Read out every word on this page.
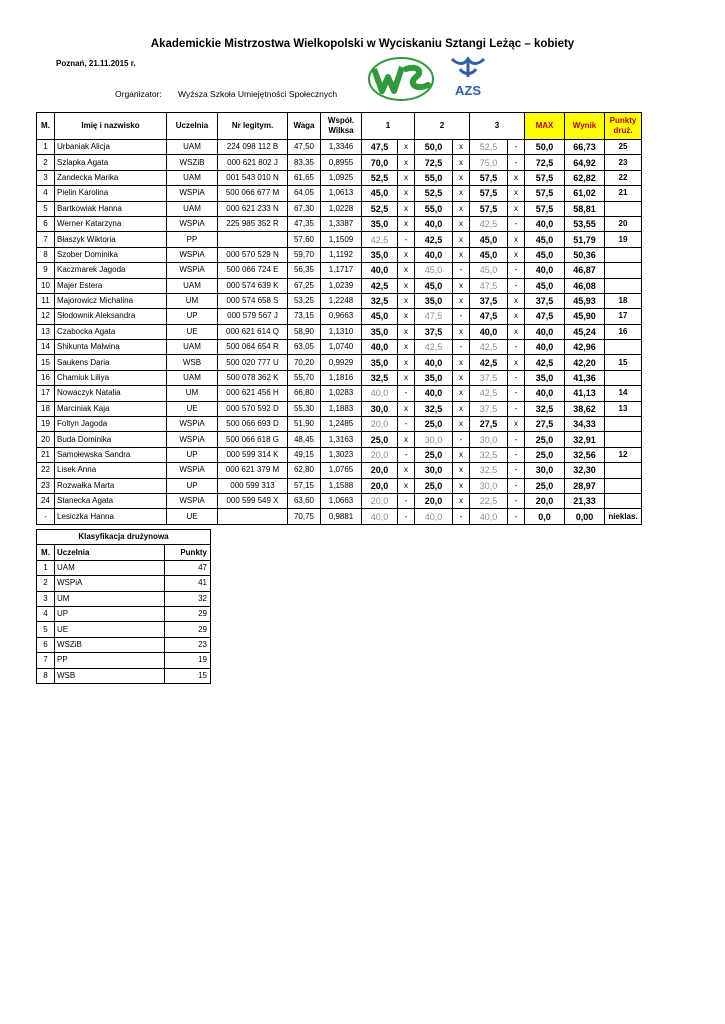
Akademickie Mistrzostwa Wielkopolski w Wyciskaniu Sztangi Leżąc – kobiety
Poznań, 21.11.2015 r.
Organizator: Wyższa Szkoła Umiejętności Społecznych	AZS
M.	Imię i nazwisko	Uczelnia	Nr legitym.	Waga	Współ. Wilksa	1		2		3		MAX	Wynik	Punkty druż.
1	Urbaniak Alicja	UAM	224 098 112 B	47,50	1,3346	47,5	x	50,0	x	52,5	-	50,0	66,73	25
2	Szlapka Agata	WSZiB	000 621 802 J	83,35	0,8955	70,0	x	72,5	x	75,0	-	72,5	64,92	23
3	Zandecka Marika	UAM	001 543 010 N	61,65	1,0925	52,5	x	55,0	x	57,5	x	57,5	62,82	22
4	Pielin Karolina	WSPiA	500 066 677 M	64,05	1,0613	45,0	x	52,5	x	57,5	x	57,5	61,02	21
5	Bartkowiak Hanna	UAM	000 621 233 N	67,30	1,0228	52,5	x	55,0	x	57,5	x	57,5	58,81	
6	Werner Katarzyna	WSPiA	225 985 352 R	47,35	1,3387	35,0	x	40,0	x	42,5	-	40,0	53,55	20
7	Błaszyk Wiktoria	PP		57,60	1,1509	42,5	-	42,5	x	45,0	x	45,0	51,79	19
8	Szober Dominika	WSPiA	000 570 529 N	59,70	1,1192	35,0	x	40,0	x	45,0	x	45,0	50,36	
9	Kaczmarek Jagoda	WSPiA	500 066 724 E	56,35	1,1717	40,0	x	45,0	-	45,0	-	40,0	46,87	
10	Majer Estera	UAM	000 574 639 K	67,25	1,0239	42,5	x	45,0	x	47,5	-	45,0	46,08	
11	Majorowicz Michalina	UM	000 574 658 S	53,25	1,2248	32,5	x	35,0	x	37,5	x	37,5	45,93	18
12	Słodownik Aleksandra	UP	000 579 567 J	73,15	0,9663	45,0	x	47,5	-	47,5	x	47,5	45,90	17
13	Czabocka Agata	UE	000 621 614 Q	58,90	1,1310	35,0	x	37,5	x	40,0	x	40,0	45,24	16
14	Shikunta Malwina	UAM	500 064 654 R	63,05	1,0740	40,0	x	42,5	-	42,5	-	40,0	42,96	
15	Saukens Daria	WSB	500 020 777 U	70,20	0,9929	35,0	x	40,0	x	42,5	x	42,5	42,20	15
16	Chamiuk Liliya	UAM	500 078 362 K	55,70	1,1816	32,5	x	35,0	x	37,5	-	35,0	41,36	
17	Nowaczyk Natalia	UM	000 621 456 H	66,80	1,0283	40,0	-	40,0	x	42,5	-	40,0	41,13	14
18	Marciniak Kaja	UE	000 570 592 D	55,30	1,1883	30,0	x	32,5	x	37,5	-	32,5	38,62	13
19	Foltyn Jagoda	WSPiA	500 066 693 D	51,90	1,2485	20,0	-	25,0	x	27,5	x	27,5	34,33	
20	Buda Dominika	WSPiA	500 066 618 G	48,45	1,3163	25,0	x	30,0	-	30,0	-	25,0	32,91	
21	Samołewska Sandra	UP	000 599 314 K	49,15	1,3023	20,0	-	25,0	x	32,5	-	25,0	32,56	12
22	Lisek Anna	WSPiA	000 621 379 M	62,80	1,0765	20,0	x	30,0	x	32,5	-	30,0	32,30	
23	Rozwałka Marta	UP	000 599 313	57,15	1,1588	20,0	x	25,0	x	30,0	-	25,0	28,97	
24	Stanecka Agata	WSPiA	000 599 549 X	63,60	1,0663	20,0	-	20,0	x	22,5	-	20,0	21,33	
-	Lesiczka Hanna	UE		70,75	0,9881	40,0	-	40,0	-	40,0	-	0,0	0,00	nieklas.
Klasyfikacja drużynowa		
M.	Uczelnia	Punkty
1	UAM	47
2	WSPiA	41
3	UM	32
4	UP	29
5	UE	29
6	WSZiB	23
7	PP	19
8	WSB	15
